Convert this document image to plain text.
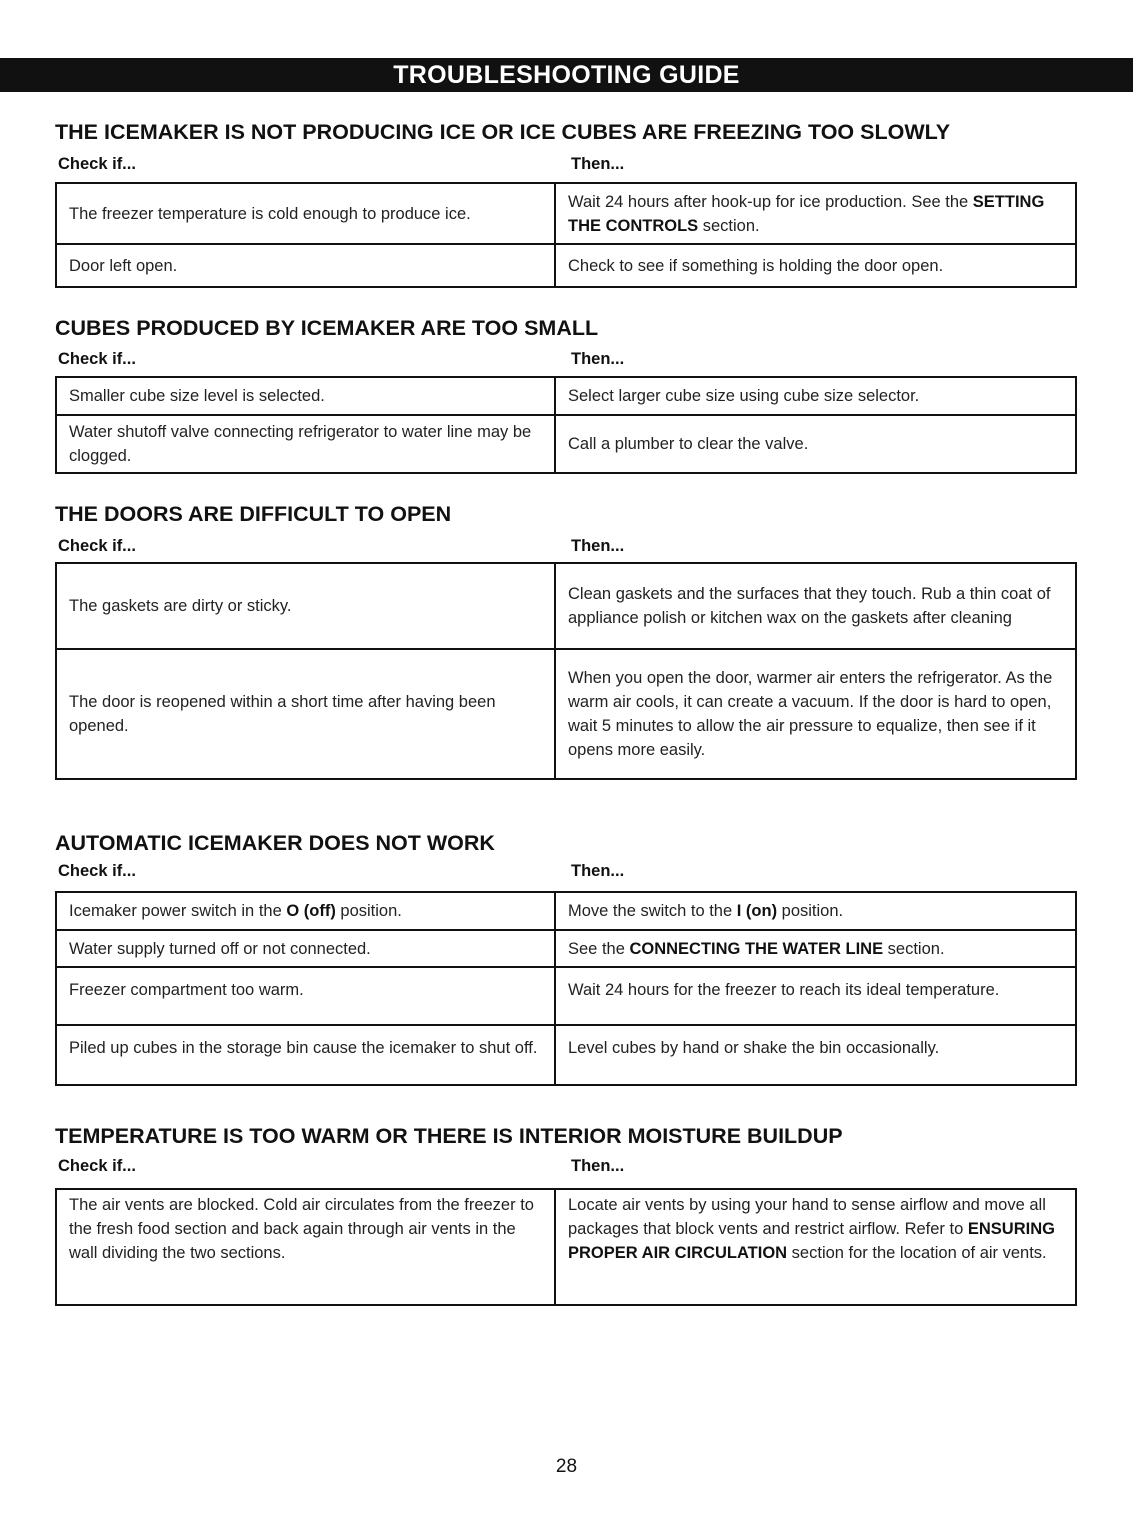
TROUBLESHOOTING GUIDE
THE ICEMAKER IS NOT PRODUCING ICE OR ICE CUBES ARE FREEZING TOO SLOWLY
Check if...	Then...
The freezer temperature is cold enough to produce ice.	Wait 24 hours after hook-up for ice production. See the SETTING THE CONTROLS section.
Door left open.	Check to see if something is holding the door open.
CUBES PRODUCED BY ICEMAKER ARE TOO SMALL
Check if...	Then...
Smaller cube size level is selected.	Select larger cube size using cube size selector.
Water shutoff valve connecting refrigerator to water line may be clogged.	Call a plumber to clear the valve.
THE DOORS ARE DIFFICULT TO OPEN
Check if...	Then...
The gaskets are dirty or sticky.	Clean gaskets and the surfaces that they touch. Rub a thin coat of appliance polish or kitchen wax on the gaskets after cleaning
The door is reopened within a short time after having been opened.	When you open the door, warmer air enters the refrigerator. As the warm air cools, it can create a vacuum. If the door is hard to open, wait 5 minutes to allow the air pressure to equalize, then see if it opens more easily.
AUTOMATIC ICEMAKER DOES NOT WORK
Check if...	Then...
Icemaker power switch in the O (off) position.	Move the switch to the I (on) position.
Water supply turned off or not connected.	See the CONNECTING THE WATER LINE section.
Freezer compartment too warm.	Wait 24 hours for the freezer to reach its ideal temperature.
Piled up cubes in the storage bin cause the icemaker to shut off.	Level cubes by hand or shake the bin occasionally.
TEMPERATURE IS TOO WARM OR THERE IS INTERIOR MOISTURE BUILDUP
Check if...	Then...
The air vents are blocked. Cold air circulates from the freezer to the fresh food section and back again through air vents in the wall dividing the two sections.	Locate air vents by using your hand to sense airflow and move all packages that block vents and restrict airflow. Refer to ENSURING PROPER AIR CIRCULATION section for the location of air vents.
28
